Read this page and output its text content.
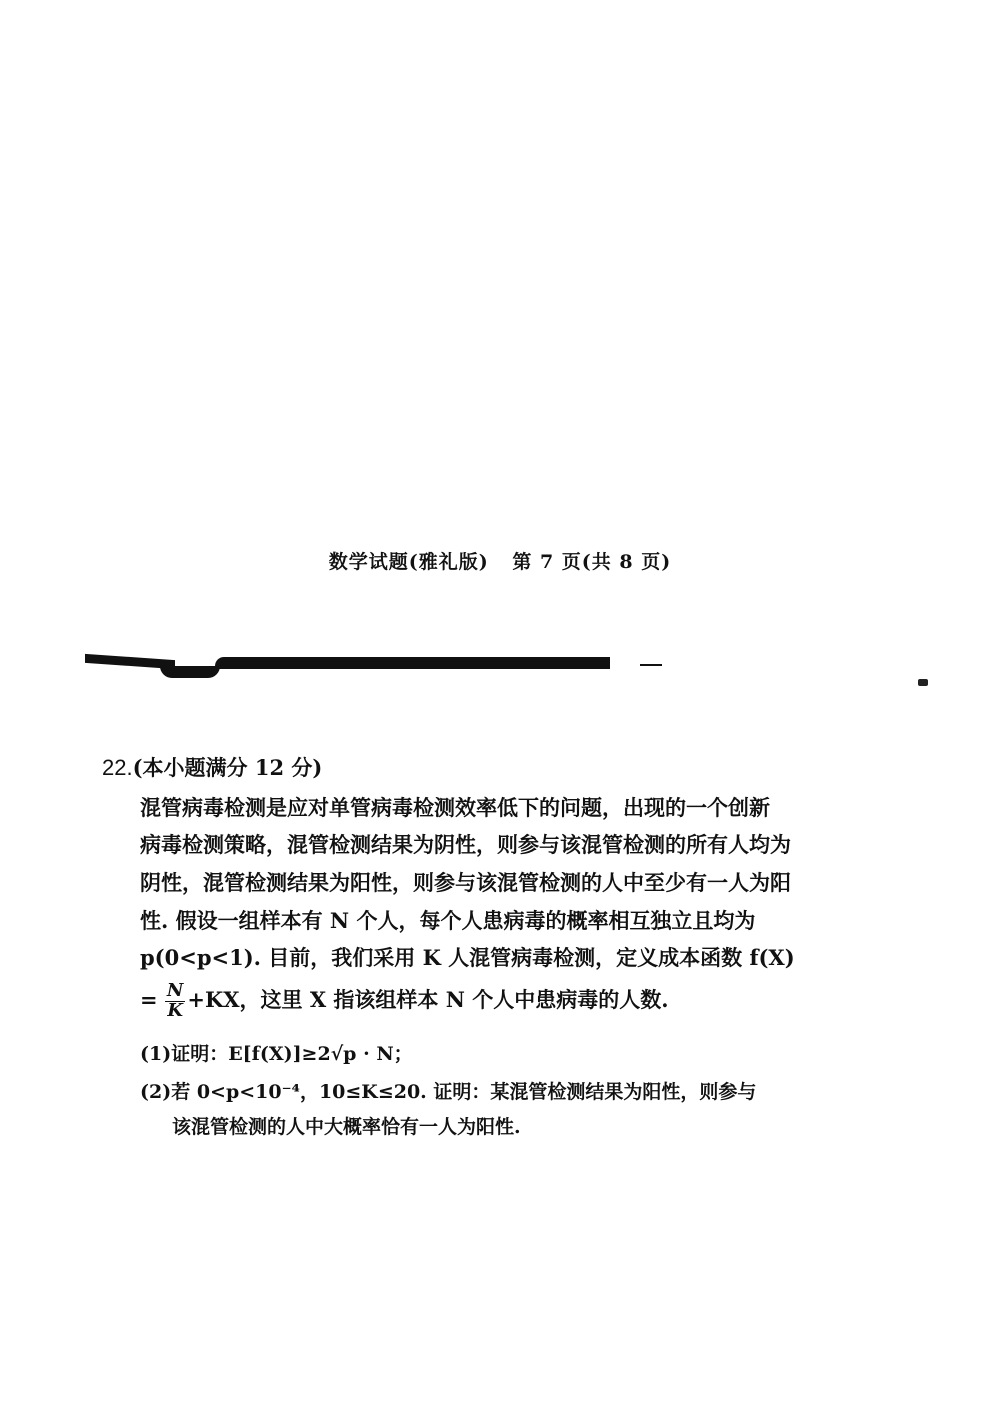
数学试题(雅礼版) 第 7 页(共 8 页)
22.(本小题满分 12 分)
混管病毒检测是应对单管病毒检测效率低下的问题，出现的一个创新
病毒检测策略，混管检测结果为阴性，则参与该混管检测的所有人均为
阴性，混管检测结果为阳性，则参与该混管检测的人中至少有一人为阳
性. 假设一组样本有 N 个人，每个人患病毒的概率相互独立且均为
p(0<p<1). 目前，我们采用 K 人混管病毒检测，定义成本函数 f(X)
= $\frac{N}{K} +KX$，这里 X 指该组样本 N 个人中患病毒的人数.
(1)证明：E[f(X)]≥2√p · N；
(2)若 0<p<10⁻⁴，10≤K≤20. 证明：某混管检测结果为阳性，则参与
该混管检测的人中大概率恰有一人为阳性.
